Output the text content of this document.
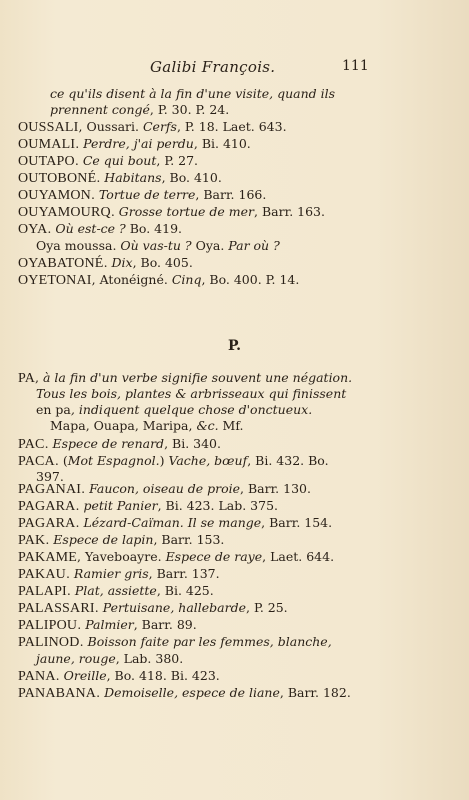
Galibi François.	111
ce qu'ils disent à la fin d'une visite, quand ils
prennent congé, P. 30. P. 24.
OUSSALI, Oussari. Cerfs, P. 18. Laet. 643.
OUMALI. Perdre, j'ai perdu, Bi. 410.
OUTAPO. Ce qui bout, P. 27.
OUTOBONÉ. Habitans, Bo. 410.
OUYAMON. Tortue de terre, Barr. 166.
OUYAMOURQ. Grosse tortue de mer, Barr. 163.
OYA. Où est-ce ? Bo. 419.
Oya moussa. Où vas-tu ? Oya. Par où ?
OYABATONÉ. Dix, Bo. 405.
OYETONAI, Atonéigné. Cinq, Bo. 400. P. 14.
PA, à la fin d'un verbe signifie souvent une négation.
Tous les bois, plantes & arbrisseaux qui finissent
en pa, indiquent quelque chose d'onctueux.
Mapa, Ouapa, Maripa, &c. Mf.
PAC. Espece de renard, Bi. 340.
PACA. (Mot Espagnol.) Vache, bœuf, Bi. 432. Bo.
397.
PAGANAI. Faucon, oiseau de proie, Barr. 130.
PAGARA. petit Panier, Bi. 423. Lab. 375.
PAGARA. Lézard-Caïman. Il se mange, Barr. 154.
PAK. Espece de lapin, Barr. 153.
PAKAME, Yaveboayre. Espece de raye, Laet. 644.
PAKAU. Ramier gris, Barr. 137.
PALAPI. Plat, assiette, Bi. 425.
PALASSARI. Pertuisane, hallebarde, P. 25.
PALIPOU. Palmier, Barr. 89.
PALINOD. Boisson faite par les femmes, blanche,
jaune, rouge, Lab. 380.
PANA. Oreille, Bo. 418. Bi. 423.
PANABANA. Demoiselle, espece de liane, Barr. 182.
P.
